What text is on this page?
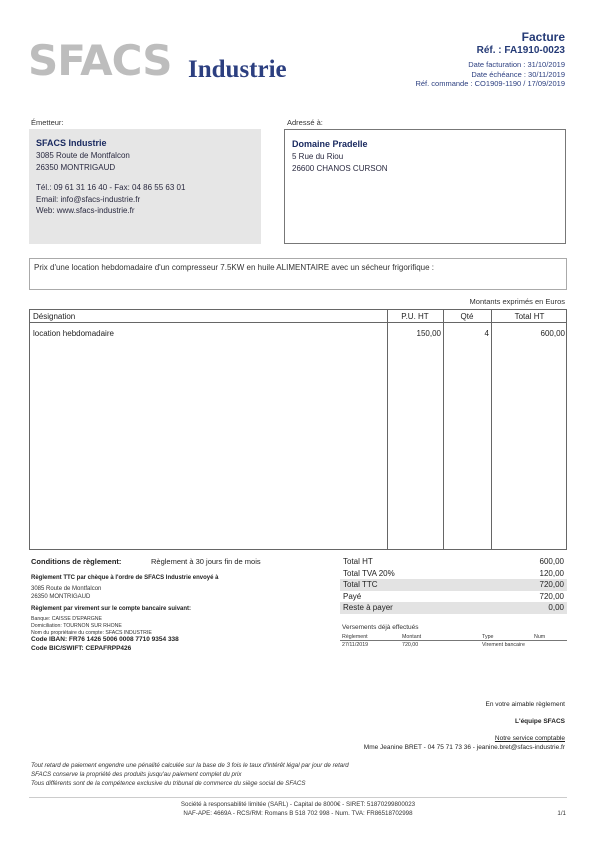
SFACS Industrie
Facture
Réf. : FA1910-0023
Date facturation : 31/10/2019
Date échéance : 30/11/2019
Réf. commande : CO1909-1190 / 17/09/2019
Émetteur:
SFACS Industrie
3085 Route de Montfalcon
26350 MONTRIGAUD
Tél.: 09 61 31 16 40 - Fax: 04 86 55 63 01
Email: info@sfacs-industrie.fr
Web: www.sfacs-industrie.fr
Adressé à:
Domaine Pradelle
5 Rue du Riou
26600 CHANOS CURSON
Prix d'une location hebdomadaire d'un compresseur 7.5KW en huile ALIMENTAIRE avec un sécheur frigorifique :
Montants exprimés en Euros
Désignation	P.U. HT	Qté	Total HT
location hebdomadaire	150,00	4	600,00
Conditions de règlement:	Règlement à 30 jours fin de mois
Règlement TTC par chèque à l'ordre de SFACS Industrie envoyé à
3085 Route de Montfalcon
26350 MONTRIGAUD
Règlement par virement sur le compte bancaire suivant:
Banque: CAISSE D'EPARGNE
Domiciliation: TOURNON SUR RHONE
Nom du propriétaire du compte: SFACS INDUSTRIE
Code IBAN: FR76 1426 5006 0008 7710 9354 338
Code BIC/SWIFT: CEPAFRPP426
Total HT	600,00
Total TVA 20%	120,00
Total TTC	720,00
Payé	720,00
Reste à payer	0,00
Versements déjà effectués
Règlement	Montant	Type	Num
27/11/2019	720,00	Virement bancaire
En votre aimable règlement
L'équipe SFACS
Notre service comptable
Mme Jeanine BRET - 04 75 71 73 36 - jeanine.bret@sfacs-industrie.fr
Tout retard de paiement engendre une pénalité calculée sur la base de 3 fois le taux d'intérêt légal par jour de retard
SFACS conserve la propriété des produits jusqu'au paiement complet du prix
Tous différents sont de la compétence exclusive du tribunal de commerce du siège social de SFACS
Société à responsabilité limitée (SARL) - Capital de 8000€ - SIRET: 51870299800023
NAF-APE: 4669A - RCS/RM: Romans B 518 702 998 - Num. TVA: FR86518702998	1/1
